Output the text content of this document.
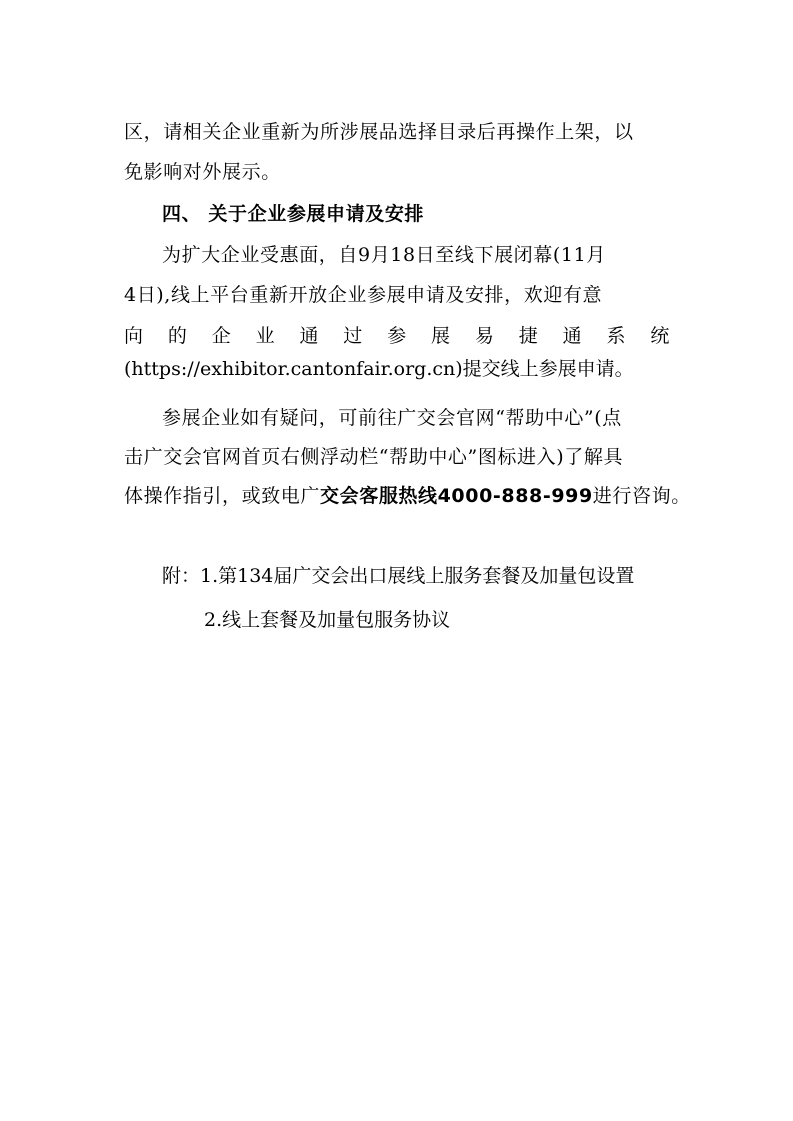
区，请相关企业重新为所涉展品选择目录后再操作上架，以
免影响对外展示。
四、 关于企业参展申请及安排
为扩大企业受惠面，自9月18日至线下展闭幕(11月
4日),线上平台重新开放企业参展申请及安排，欢迎有意
向 的 企 业 通 过 参 展 易 捷 通 系 统
(https://exhibitor.cantonfair.org.cn)提交线上参展申请。
参展企业如有疑问，可前往广交会官网“帮助中心”(点
击广交会官网首页右侧浮动栏“帮助中心”图标进入)了解具
体操作指引，或致电广交会客服热线4000-888-999进行咨询。
附：1.第134届广交会出口展线上服务套餐及加量包设置
2.线上套餐及加量包服务协议
